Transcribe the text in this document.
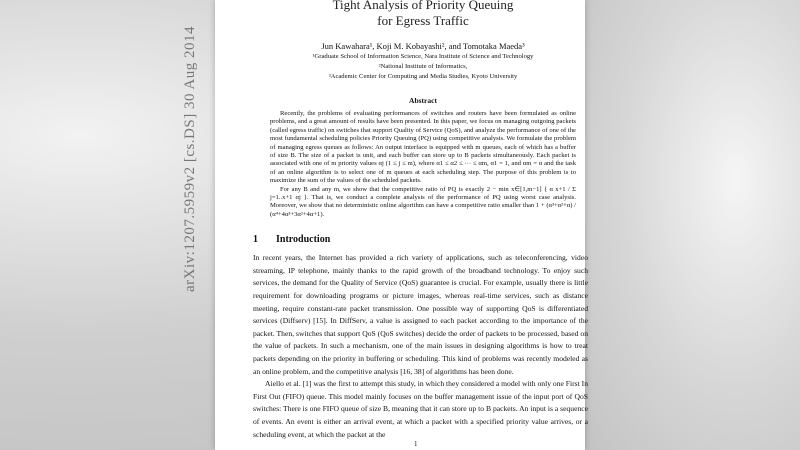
arXiv:1207.5959v2 [cs.DS] 30 Aug 2014
Tight Analysis of Priority Queuing
for Egress Traffic
Jun Kawahara¹, Koji M. Kobayashi², and Tomotaka Maeda³
¹Graduate School of Information Science, Nara Institute of Science and Technology
²National Institute of Informatics,
³Academic Center for Computing and Media Studies, Kyoto University
Abstract

Recently, the problems of evaluating performances of switches and routers have been formulated as online problems, and a great amount of results have been presented. In this paper, we focus on managing outgoing packets (called egress traffic) on switches that support Quality of Service (QoS), and analyze the performance of one of the most fundamental scheduling policies Priority Queuing (PQ) using competitive analysis. We formulate the problem of managing egress queues as follows: An output interface is equipped with m queues, each of which has a buffer of size B. The size of a packet is unit, and each buffer can store up to B packets simultaneously. Each packet is associated with one of m priority values αj (1 ≤ j ≤ m), where α1 ≤ α2 ≤ ··· ≤ αm, α1 = 1, and αm = α and the task of an online algorithm is to select one of m queues at each scheduling step. The purpose of this problem is to maximize the sum of the values of the scheduled packets.

For any B and any m, we show that the competitive ratio of PQ is exactly 2 − min x∈[1,m−1] { α x+1 / Σ j=1..x+1 αj }. That is, we conduct a complete analysis of the performance of PQ using worst case analysis. Moreover, we show that no deterministic online algorithm can have a competitive ratio smaller than 1 + (α³+α²+α) / (α⁴+4α³+3α²+4α+1).

1 Introduction

In recent years, the Internet has provided a rich variety of applications, such as teleconferencing, video streaming, IP telephone, mainly thanks to the rapid growth of the broadband technology. To enjoy such services, the demand for the Quality of Service (QoS) guarantee is crucial. For example, usually there is little requirement for downloading programs or picture images, whereas real-time services, such as distance meeting, require constant-rate packet transmission. One possible way of supporting QoS is differentiated services (Diffserv) [15]. In DiffServ, a value is assigned to each packet according to the importance of the packet. Then, switches that support QoS (QoS switches) decide the order of packets to be processed, based on the value of packets. In such a mechanism, one of the main issues in designing algorithms is how to treat packets depending on the priority in buffering or scheduling. This kind of problems was recently modeled as an online problem, and the competitive analysis [16, 38] of algorithms has been done.

Aiello et al. [1] was the first to attempt this study, in which they considered a model with only one First In First Out (FIFO) queue. This model mainly focuses on the buffer management issue of the input port of QoS switches: There is one FIFO queue of size B, meaning that it can store up to B packets. An input is a sequence of events. An event is either an arrival event, at which a packet with a specified priority value arrives, or a scheduling event, at which the packet at the

1
